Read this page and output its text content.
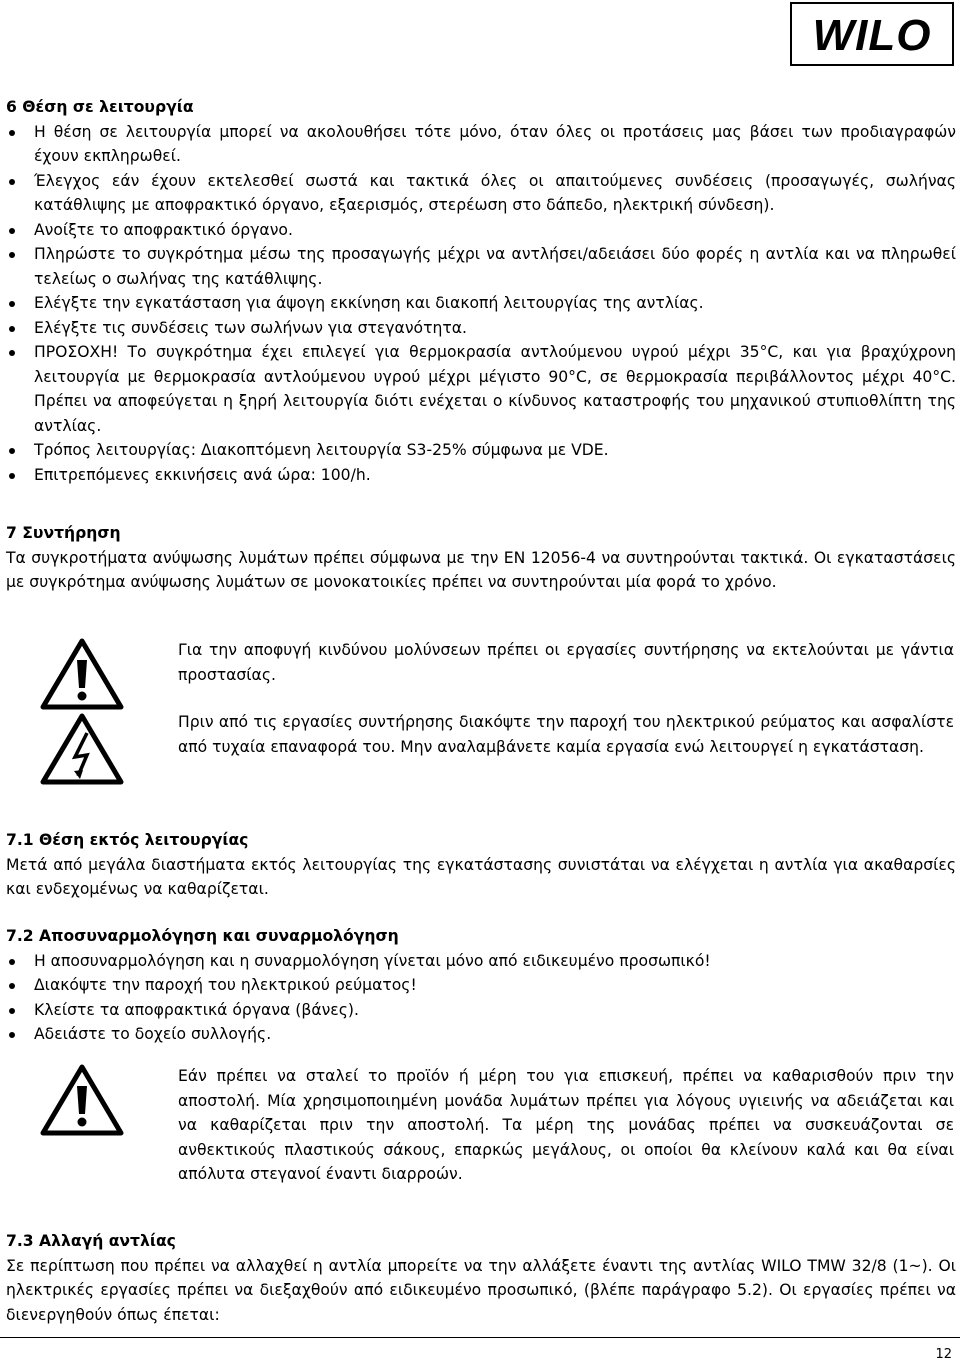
WILO
6 Θέση σε λειτουργία
Η θέση σε λειτουργία μπορεί να ακολουθήσει τότε μόνο, όταν όλες οι προτάσεις μας βάσει των προδιαγραφών έχουν εκπληρωθεί.
Έλεγχος εάν έχουν εκτελεσθεί σωστά και τακτικά όλες οι απαιτούμενες συνδέσεις (προσαγωγές, σωλήνας κατάθλιψης με αποφρακτικό όργανο, εξαερισμός, στερέωση στο δάπεδο, ηλεκτρική σύνδεση).
Ανοίξτε το αποφρακτικό όργανο.
Πληρώστε το συγκρότημα μέσω της προσαγωγής μέχρι να αντλήσει/αδειάσει δύο φορές η αντλία και να πληρωθεί τελείως ο σωλήνας της κατάθλιψης.
Ελέγξτε την εγκατάσταση για άψογη εκκίνηση και διακοπή λειτουργίας της αντλίας.
Ελέγξτε τις συνδέσεις των σωλήνων για στεγανότητα.
ΠΡΟΣΟΧΗ! Το συγκρότημα έχει επιλεγεί για θερμοκρασία αντλούμενου υγρού μέχρι 35°C, και για βραχύχρονη λειτουργία με θερμοκρασία αντλούμενου υγρού μέχρι μέγιστο 90°C, σε θερμοκρασία περιβάλλοντος μέχρι 40°C. Πρέπει να αποφεύγεται η ξηρή λειτουργία διότι ενέχεται ο κίνδυνος καταστροφής του μηχανικού στυπιοθλίπτη της αντλίας.
Τρόπος λειτουργίας: Διακοπτόμενη λειτουργία S3-25% σύμφωνα με VDE.
Επιτρεπόμενες εκκινήσεις ανά ώρα: 100/h.
7 Συντήρηση

Τα συγκροτήματα ανύψωσης λυμάτων πρέπει σύμφωνα με την EN 12056-4 να συντηρούνται τακτικά. Οι εγκαταστάσεις με συγκρότημα ανύψωσης λυμάτων σε μονοκατοικίες πρέπει να συντηρούνται μία φορά το χρόνο.

Για την αποφυγή κινδύνου μολύνσεων πρέπει οι εργασίες συντήρησης να εκτελούνται με γάντια προστασίας.

Πριν από τις εργασίες συντήρησης διακόψτε την παροχή του ηλεκτρικού ρεύματος και ασφαλίστε από τυχαία επαναφορά του. Μην αναλαμβάνετε καμία εργασία ενώ λειτουργεί η εγκατάσταση.

7.1 Θέση εκτός λειτουργίας

Μετά από μεγάλα διαστήματα εκτός λειτουργίας της εγκατάστασης συνιστάται να ελέγχεται η αντλία για ακαθαρσίες και ενδεχομένως να καθαρίζεται.

7.2 Αποσυναρμολόγηση και συναρμολόγηση
Η αποσυναρμολόγηση και η συναρμολόγηση γίνεται μόνο από ειδικευμένο προσωπικό!
Διακόψτε την παροχή του ηλεκτρικού ρεύματος!
Κλείστε τα αποφρακτικά όργανα (βάνες).
Αδειάστε το δοχείο συλλογής.

Εάν πρέπει να σταλεί το προϊόν ή μέρη του για επισκευή, πρέπει να καθαρισθούν πριν την αποστολή. Μία χρησιμοποιημένη μονάδα λυμάτων πρέπει για λόγους υγιεινής να αδειάζεται και να καθαρίζεται πριν την αποστολή. Τα μέρη της μονάδας πρέπει να συσκευάζονται σε ανθεκτικούς πλαστικούς σάκους, επαρκώς μεγάλους, οι οποίοι θα κλείνουν καλά και θα είναι απόλυτα στεγανοί έναντι διαρροών.

7.3 Αλλαγή αντλίας

Σε περίπτωση που πρέπει να αλλαχθεί η αντλία μπορείτε να την αλλάξετε έναντι της αντλίας WILO TMW 32/8 (1~). Οι ηλεκτρικές εργασίες πρέπει να διεξαχθούν από ειδικευμένο προσωπικό, (βλέπε παράγραφο 5.2). Οι εργασίες πρέπει να διενεργηθούν όπως έπεται:

12
